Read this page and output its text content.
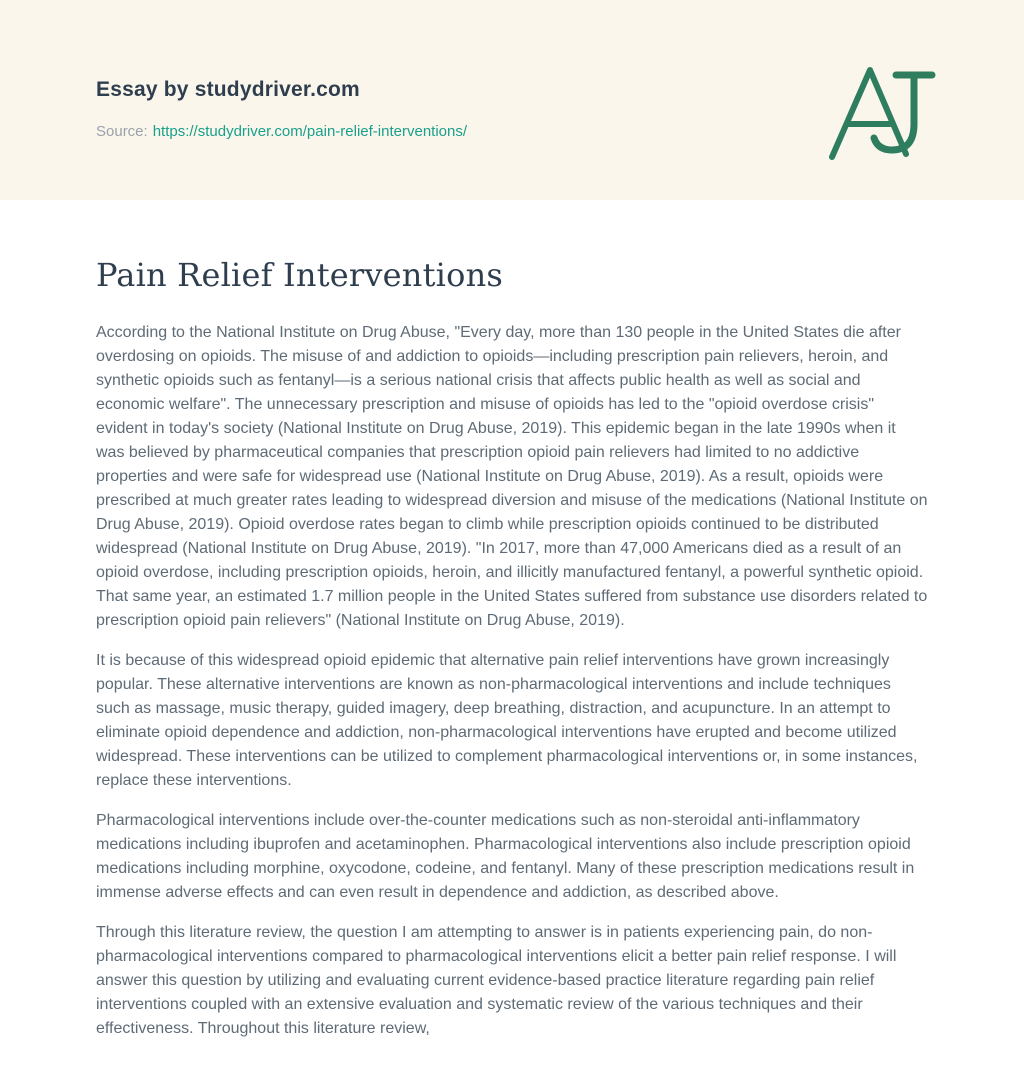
Essay by studydriver.com
Source: https://studydriver.com/pain-relief-interventions/
Pain Relief Interventions

According to the National Institute on Drug Abuse, "Every day, more than 130 people in the United States die after overdosing on opioids. The misuse of and addiction to opioids—including prescription pain relievers, heroin, and synthetic opioids such as fentanyl—is a serious national crisis that affects public health as well as social and economic welfare". The unnecessary prescription and misuse of opioids has led to the "opioid overdose crisis" evident in today's society (National Institute on Drug Abuse, 2019). This epidemic began in the late 1990s when it was believed by pharmaceutical companies that prescription opioid pain relievers had limited to no addictive properties and were safe for widespread use (National Institute on Drug Abuse, 2019). As a result, opioids were prescribed at much greater rates leading to widespread diversion and misuse of the medications (National Institute on Drug Abuse, 2019). Opioid overdose rates began to climb while prescription opioids continued to be distributed widespread (National Institute on Drug Abuse, 2019). "In 2017, more than 47,000 Americans died as a result of an opioid overdose, including prescription opioids, heroin, and illicitly manufactured fentanyl, a powerful synthetic opioid. That same year, an estimated 1.7 million people in the United States suffered from substance use disorders related to prescription opioid pain relievers" (National Institute on Drug Abuse, 2019).

It is because of this widespread opioid epidemic that alternative pain relief interventions have grown increasingly popular. These alternative interventions are known as non-pharmacological interventions and include techniques such as massage, music therapy, guided imagery, deep breathing, distraction, and acupuncture. In an attempt to eliminate opioid dependence and addiction, non-pharmacological interventions have erupted and become utilized widespread. These interventions can be utilized to complement pharmacological interventions or, in some instances, replace these interventions.

Pharmacological interventions include over-the-counter medications such as non-steroidal anti-inflammatory medications including ibuprofen and acetaminophen. Pharmacological interventions also include prescription opioid medications including morphine, oxycodone, codeine, and fentanyl. Many of these prescription medications result in immense adverse effects and can even result in dependence and addiction, as described above.

Through this literature review, the question I am attempting to answer is in patients experiencing pain, do non-pharmacological interventions compared to pharmacological interventions elicit a better pain relief response. I will answer this question by utilizing and evaluating current evidence-based practice literature regarding pain relief interventions coupled with an extensive evaluation and systematic review of the various techniques and their effectiveness. Throughout this literature review,
